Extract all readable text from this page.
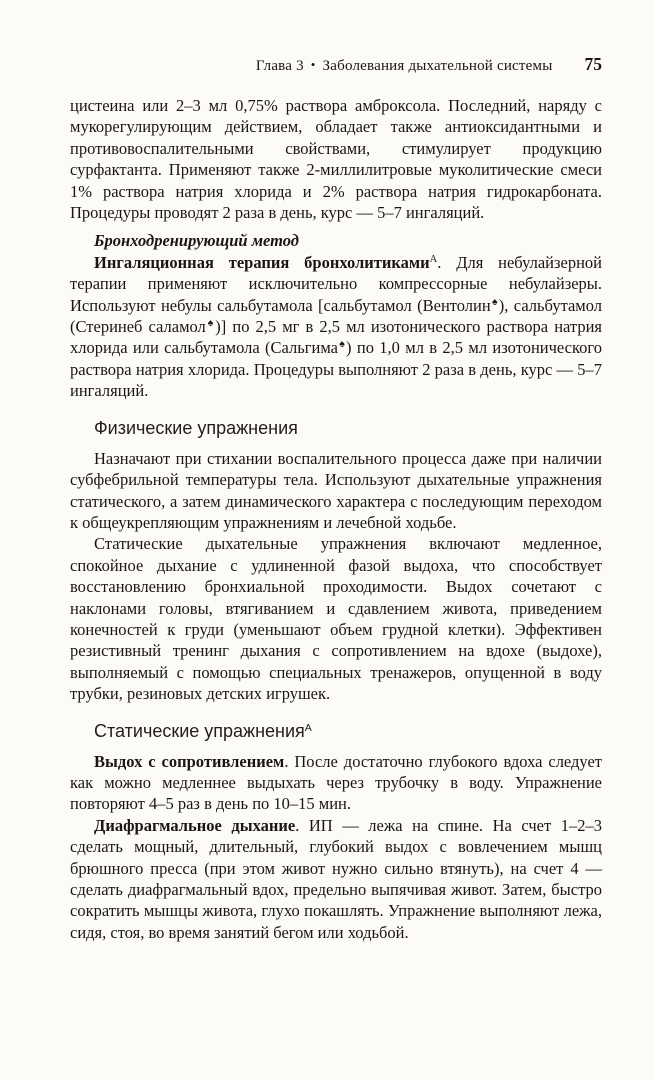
Глава 3 • Заболевания дыхательной системы 75

цистеина или 2–3 мл 0,75% раствора амброксола. Последний, наряду с мукорегулирующим действием, обладает также антиоксидантными и противовоспалительными свойствами, стимулирует продукцию сурфактанта. Применяют также 2-миллилитровые муколитические смеси 1% раствора натрия хлорида и 2% раствора натрия гидрокарбоната. Процедуры проводят 2 раза в день, курс — 5–7 ингаляций.

Бронходренирующий метод

Ингаляционная терапия бронхолитиками$^А$. Для небулайзерной терапии применяют исключительно компрессорные небулайзеры. Используют небулы сальбутамола [сальбутамол (Вентолин♠), сальбутамол (Стеринеб саламол♠)] по 2,5 мг в 2,5 мл изотонического раствора натрия хлорида или сальбутамола (Сальгима♠) по 1,0 мл в 2,5 мл изотонического раствора натрия хлорида. Процедуры выполняют 2 раза в день, курс — 5–7 ингаляций.

Физические упражнения

Назначают при стихании воспалительного процесса даже при наличии субфебрильной температуры тела. Используют дыхательные упражнения статического, а затем динамического характера с последующим переходом к общеукрепляющим упражнениям и лечебной ходьбе.

Статические дыхательные упражнения включают медленное, спокойное дыхание с удлиненной фазой выдоха, что способствует восстановлению бронхиальной проходимости. Выдох сочетают с наклонами головы, втягиванием и сдавлением живота, приведением конечностей к груди (уменьшают объем грудной клетки). Эффективен резистивный тренинг дыхания с сопротивлением на вдохе (выдохе), выполняемый с помощью специальных тренажеров, опущенной в воду трубки, резиновых детских игрушек.

Статические упражнения$^А$

Выдох с сопротивлением. После достаточно глубокого вдоха следует как можно медленнее выдыхать через трубочку в воду. Упражнение повторяют 4–5 раз в день по 10–15 мин.

Диафрагмальное дыхание. ИП — лежа на спине. На счет 1–2–3 сделать мощный, длительный, глубокий выдох с вовлечением мышц брюшного пресса (при этом живот нужно сильно втянуть), на счет 4 — сделать диафрагмальный вдох, предельно выпячивая живот. Затем, быстро сократить мышцы живота, глухо покашлять. Упражнение выполняют лежа, сидя, стоя, во время занятий бегом или ходьбой.
